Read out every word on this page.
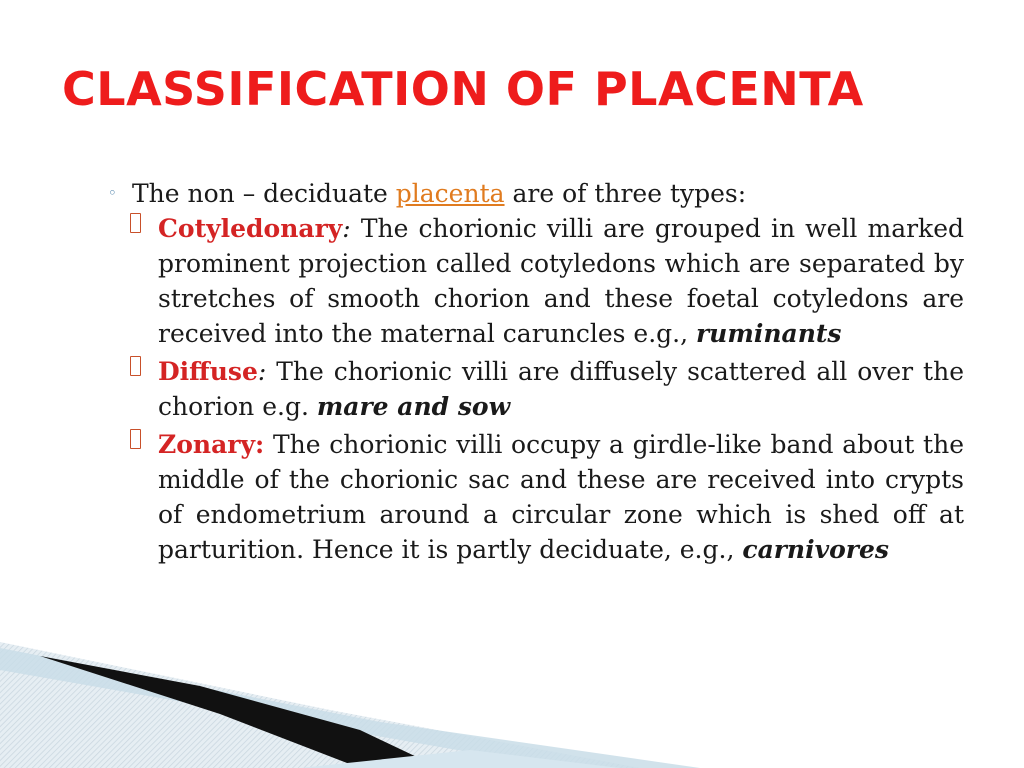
CLASSIFICATION OF PLACENTA

◦ The non – deciduate placenta are of three types:

Cotyledonary: The chorionic villi are grouped in well marked prominent projection called cotyledons which are separated by stretches of smooth chorion and these foetal cotyledons are received into the maternal caruncles e.g., ruminants

Diffuse: The chorionic villi are diffusely scattered all over the chorion e.g. mare and sow

Zonary: The chorionic villi occupy a girdle-like band about the middle of the chorionic sac and these are received into crypts of endometrium around a circular zone which is shed off at parturition. Hence it is partly deciduate, e.g., carnivores
